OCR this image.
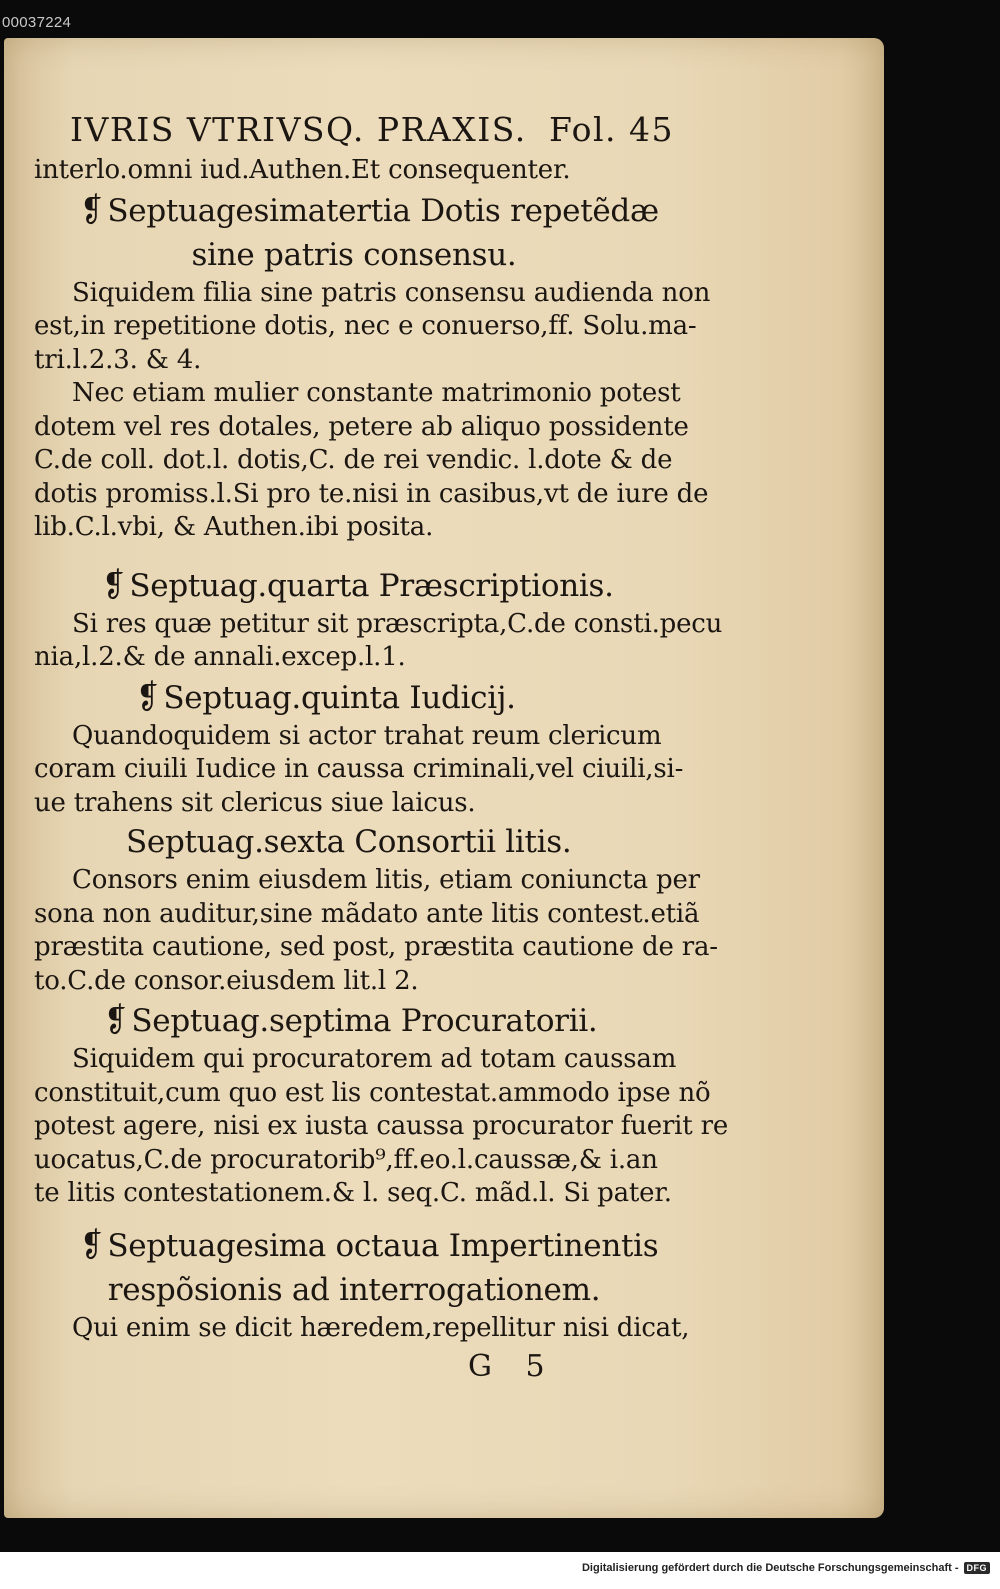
00037224
IVRIS VTRIVSQ. PRAXIS. Fol. 45
interlo.omni iud.Authen.Et consequenter.
❡ Septuagesimatertia Dotis repetẽdæ
sine patris consensu.
Siquidem filia sine patris consensu audienda non
est,in repetitione dotis, nec e conuerso,ff. Solu.ma-
tri.l.2.3. & 4.
Nec etiam mulier constante matrimonio potest
dotem vel res dotales, petere ab aliquo possidente
C.de coll. dot.l. dotis,C. de rei vendic. l.dote & de
dotis promiss.l.Si pro te.nisi in casibus,vt de iure de
lib.C.l.vbi, & Authen.ibi posita.
❡ Septuag.quarta Præscriptionis.
Si res quæ petitur sit præscripta,C.de consti.pecu
nia,l.2.& de annali.excep.l.1.
❡ Septuag.quinta Iudicij.
Quandoquidem si actor trahat reum clericum
coram ciuili Iudice in caussa criminali,vel ciuili,si-
ue trahens sit clericus siue laicus.
Septuag.sexta Consortii litis.
Consors enim eiusdem litis, etiam coniuncta per
sona non auditur,sine mãdato ante litis contest.etiã
præstita cautione, sed post, præstita cautione de ra-
to.C.de consor.eiusdem lit.l 2.
❡ Septuag.septima Procuratorii.
Siquidem qui procuratorem ad totam caussam
constituit,cum quo est lis contestat.ammodo ipse nõ
potest agere, nisi ex iusta caussa procurator fuerit re
uocatus,C.de procuratorib⁹,ff.eo.l.caussæ,& i.an
te litis contestationem.& l. seq.C. mãd.l. Si pater.
❡ Septuagesima octaua Impertinentis
respõsionis ad interrogationem.
Qui enim se dicit hæredem,repellitur nisi dicat,
G 5
Digitalisierung gefördert durch die Deutsche Forschungsgemeinschaft - DFG
